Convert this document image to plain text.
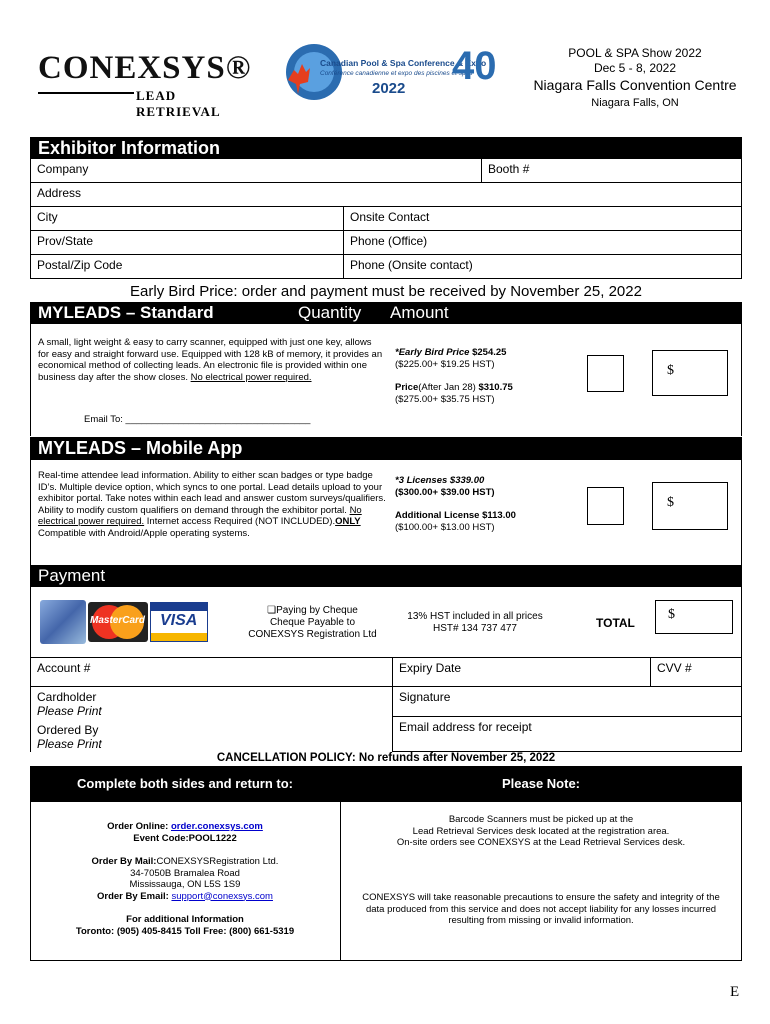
CONEXSYS®
LEAD RETRIEVAL
Canadian Pool & Spa Conference & Expo
Conférence canadienne et expo des piscines et spas
2022
40	POOL & SPA Show 2022
Dec 5 - 8, 2022
Niagara Falls Convention Centre
Niagara Falls, ON
Exhibitor Information
Company	Booth #
Address
City	Onsite Contact
Prov/State	Phone (Office)
Postal/Zip Code	Phone (Onsite contact)
Early Bird Price: order and payment must be received by November 25, 2022
MYLEADS – Standard	Quantity Amount
A small, light weight & easy to carry scanner, equipped with just one key, allows for easy and straight forward use. Equipped with 128 kB of memory, it provides an economical method of collecting leads. An electronic file is provided within one business day after the show closes. No electrical power required.
*Early Bird Price $254.25
($225.00+ $19.25 HST)
Price(After Jan 28) $310.75
($275.00+ $35.75 HST)
$
Email To: ___________________________________
MYLEADS – Mobile App
Real-time attendee lead information. Ability to either scan badges or type badge ID’s. Multiple device option, which syncs to one portal. Lead details upload to your exhibitor portal. Take notes within each lead and answer custom surveys/qualifiers. Ability to modify custom qualifiers on demand through the exhibitor portal. No electrical power required. Internet access Required (NOT INCLUDED).ONLY Compatible with Android/Apple operating systems.
*3 Licenses $339.00
($300.00+ $39.00 HST)
Additional License $113.00
($100.00+ $13.00 HST)
$
Payment
MasterCard VISA
❏Paying by Cheque
Cheque Payable to
CONEXSYS Registration Ltd
13% HST included in all prices
HST# 134 737 477	TOTAL
$
Account #	Expiry Date	CVV #
Cardholder
Please Print
Signature
Ordered By
Please Print
Email address for receipt
CANCELLATION POLICY: No refunds after November 25, 2022
Complete both sides and return to:	Please Note:
Order Online: order.conexsys.com
Event Code:POOL1222
Order By Mail:CONEXSYSRegistration Ltd.
34-7050B Bramalea Road
Mississauga, ON L5S 1S9
Order By Email: support@conexsys.com
For additional Information
Toronto: (905) 405-8415 Toll Free: (800) 661-5319
Barcode Scanners must be picked up at the
Lead Retrieval Services desk located at the registration area.
On-site orders see CONEXSYS at the Lead Retrieval Services desk.
CONEXSYS will take reasonable precautions to ensure the safety and integrity of the
data produced from this service and does not accept liability for any losses incurred
resulting from missing or invalid information.
E
